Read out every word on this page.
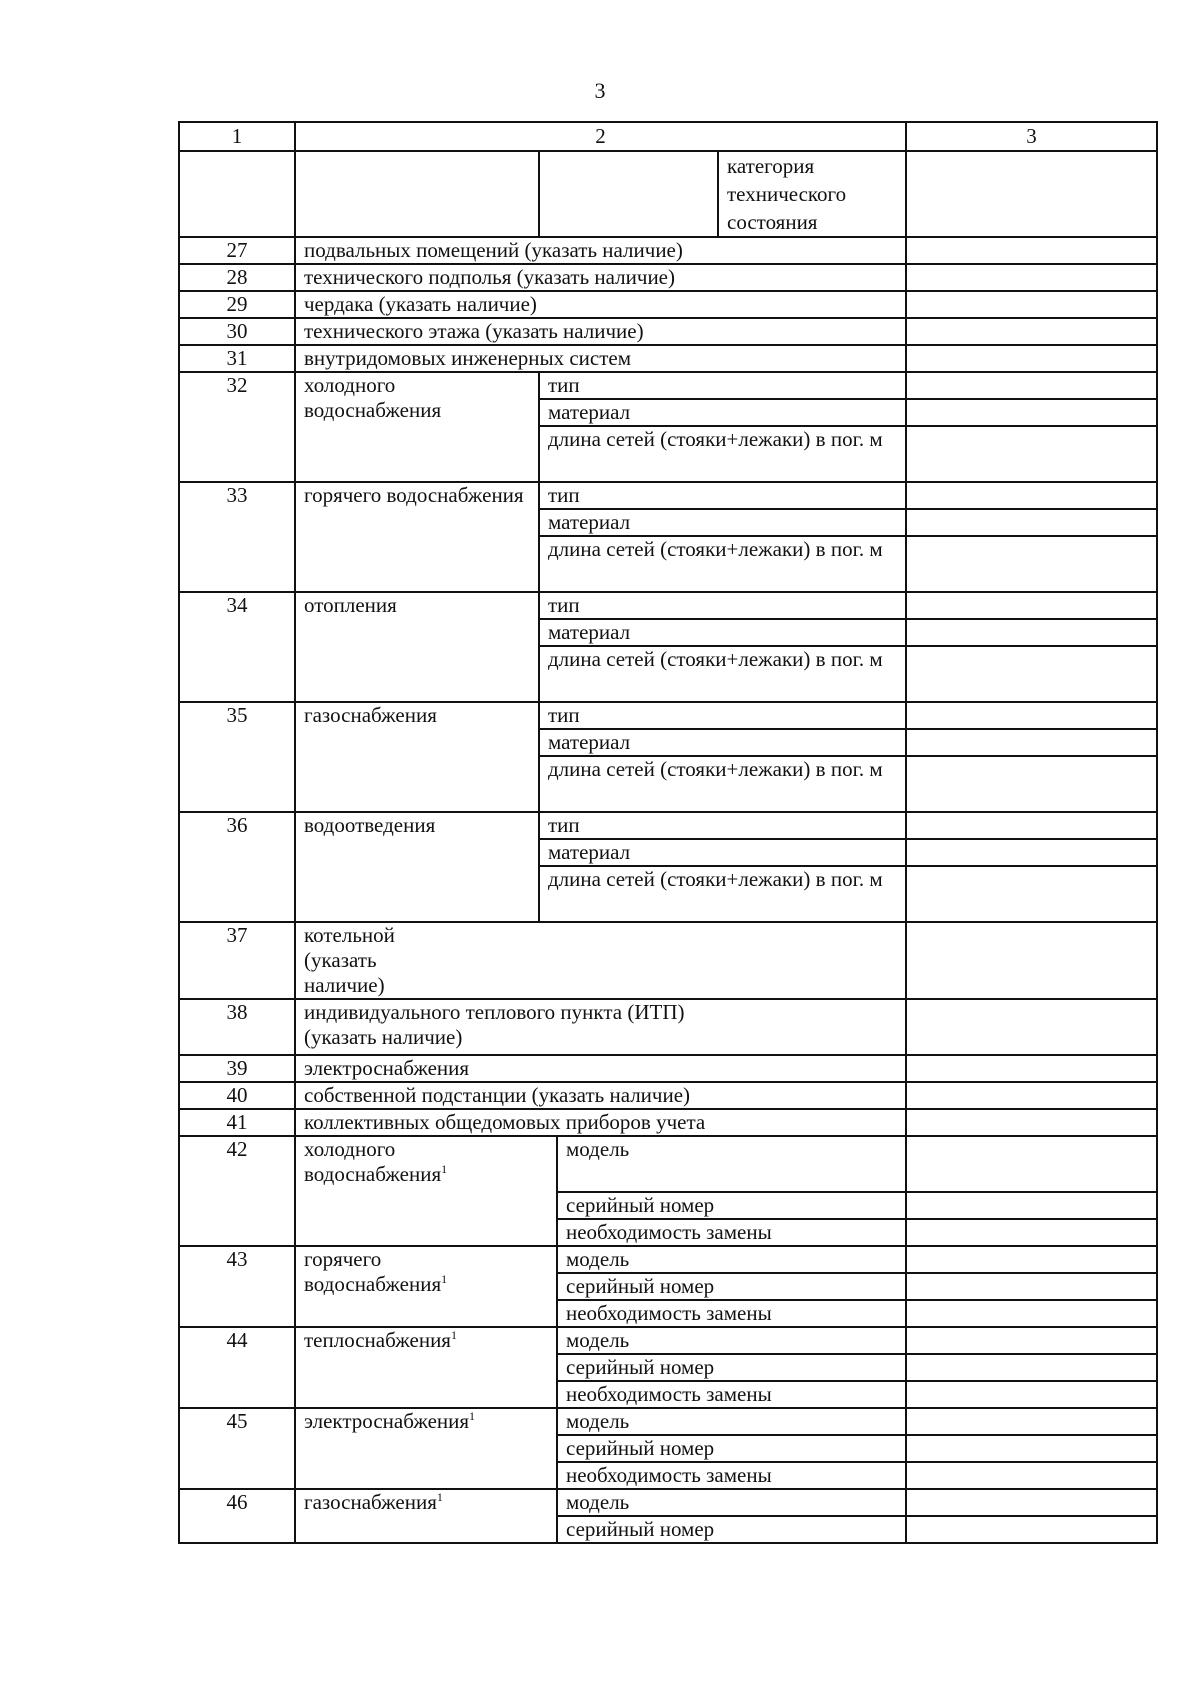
3
1	2				3
				категория технического состояния	
27	подвальных помещений (указать наличие)				
28	технического подполья (указать наличие)				
29	чердака (указать наличие)				
30	технического этажа (указать наличие)				
31	внутридомовых инженерных систем				
32	холодного водоснабжения	тип			
		материал			
		длина сетей (стояки+лежаки) в пог. м			
33	горячего водоснабжения	тип			
		материал			
		длина сетей (стояки+лежаки) в пог. м			
34	отопления	тип			
		материал			
		длина сетей (стояки+лежаки) в пог. м			
35	газоснабжения	тип			
		материал			
		длина сетей (стояки+лежаки) в пог. м			
36	водоотведения	тип			
		материал			
		длина сетей (стояки+лежаки) в пог. м			
37	котельной (указать наличие)				
38	индивидуального теплового пункта (ИТП) (указать наличие)				
39	электроснабжения				
40	собственной подстанции (указать наличие)				
41	коллективных общедомовых приборов учета				
42	холодного водоснабжения$^1$		модель		
			серийный номер		
			необходимость замены		
43	горячего водоснабжения$^1$		модель		
			серийный номер		
			необходимость замены		
44	теплоснабжения$^1$		модель		
			серийный номер		
			необходимость замены		
45	электроснабжения$^1$		модель		
			серийный номер		
			необходимость замены		
46	газоснабжения$^1$		модель		
			серийный номер		
